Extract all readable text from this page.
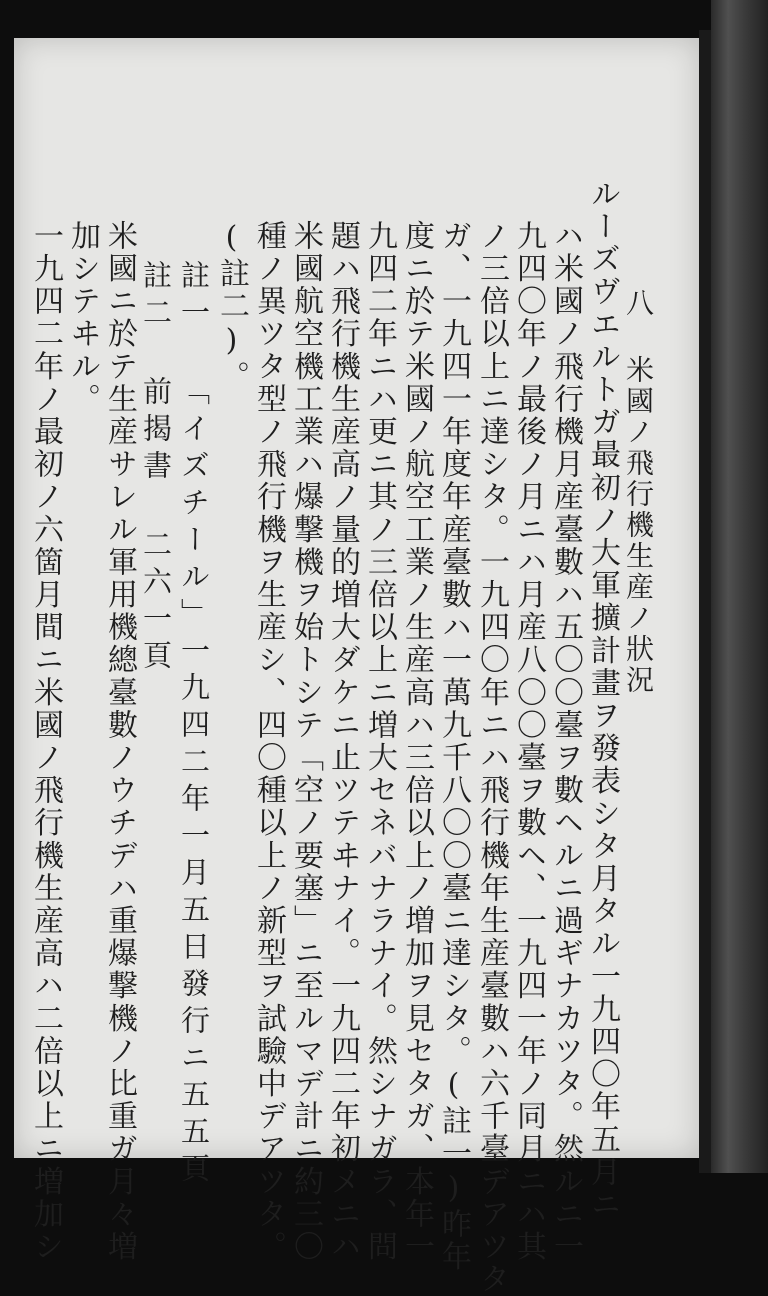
八 米國ノ飛行機生産ノ狀況

ルーズヴエルトガ最初ノ大軍擴計畫ヲ發表シタ月タル一九四〇年五月ニ

ハ米國ノ飛行機月産臺數ハ五〇〇臺ヲ數ヘルニ過ギナカツタ。然ルニ一

九四〇年ノ最後ノ月ニハ月産八〇〇臺ヲ數ヘ、一九四一年ノ同月ニハ其

ノ三倍以上ニ達シタ。一九四〇年ニハ飛行機年生産臺數ハ六千臺デアツタ

ガ、一九四一年度年産臺數ハ一萬九千八〇〇臺ニ達シタ。(註一)昨年

度ニ於テ米國ノ航空工業ノ生産高ハ三倍以上ノ増加ヲ見セタガ、本年一

九四二年ニハ更ニ其ノ三倍以上ニ増大セネバナラナイ。然シナガラ、問

題ハ飛行機生産高ノ量的増大ダケニ止ツテヰナイ。一九四二年初メニハ

米國航空機工業ハ爆撃機ヲ始トシテ「空ノ要塞」ニ至ルマデ計ニ約三〇

種ノ異ツタ型ノ飛行機ヲ生産シ、四〇種以上ノ新型ヲ試驗中デアツタ。

(註二)。

註一 「イズチール」一九四二年一月五日發行ニ五五頁

註二 前揭書 二六一頁

米國ニ於テ生産サレル軍用機總臺數ノウチデハ重爆撃機ノ比重ガ月々増

加シテヰル。

一九四二年ノ最初ノ六箇月間ニ米國ノ飛行機生産高ハ二倍以上ニ増加シ
